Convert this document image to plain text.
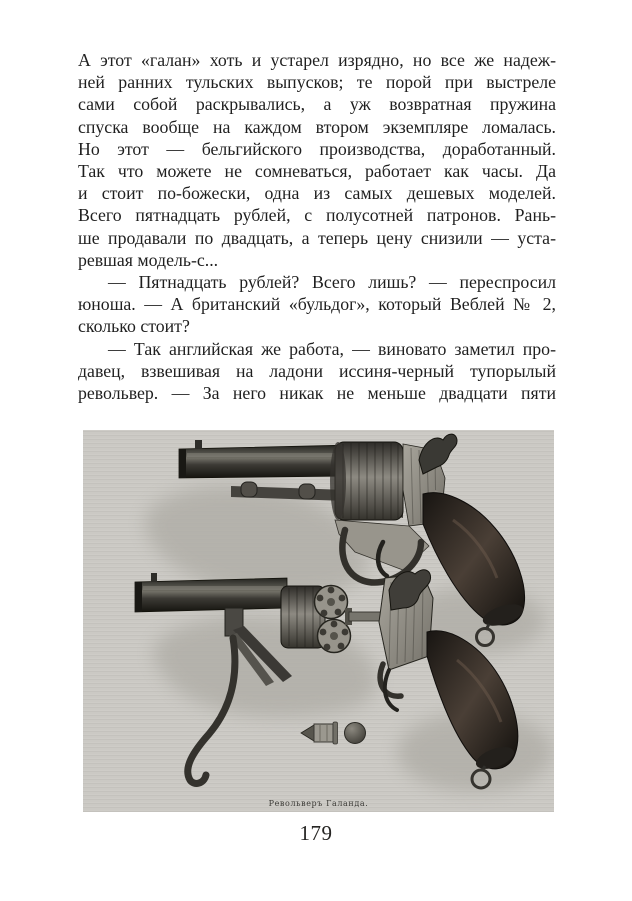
А этот «галан» хоть и устарел изрядно, но все же надеж-
ней ранних тульских выпусков; те порой при выстреле
сами собой раскрывались, а уж возвратная пружина
спуска вообще на каждом втором экземпляре ломалась.
Но этот — бельгийского производства, доработанный.
Так что можете не сомневаться, работает как часы. Да
и стоит по-божески, одна из самых дешевых моделей.
Всего пятнадцать рублей, с полусотней патронов. Рань-
ше продавали по двадцать, а теперь цену снизили — уста-
ревшая модель-с...
— Пятнадцать рублей? Всего лишь? — переспросил
юноша. — А британский «бульдог», который Веблей № 2,
сколько стоит?
— Так английская же работа, — виновато заметил про-
давец, взвешивая на ладони иссиня-черный тупорылый
револьвер. — За него никак не меньше двадцати пяти
Револьверъ Галанда.
179
